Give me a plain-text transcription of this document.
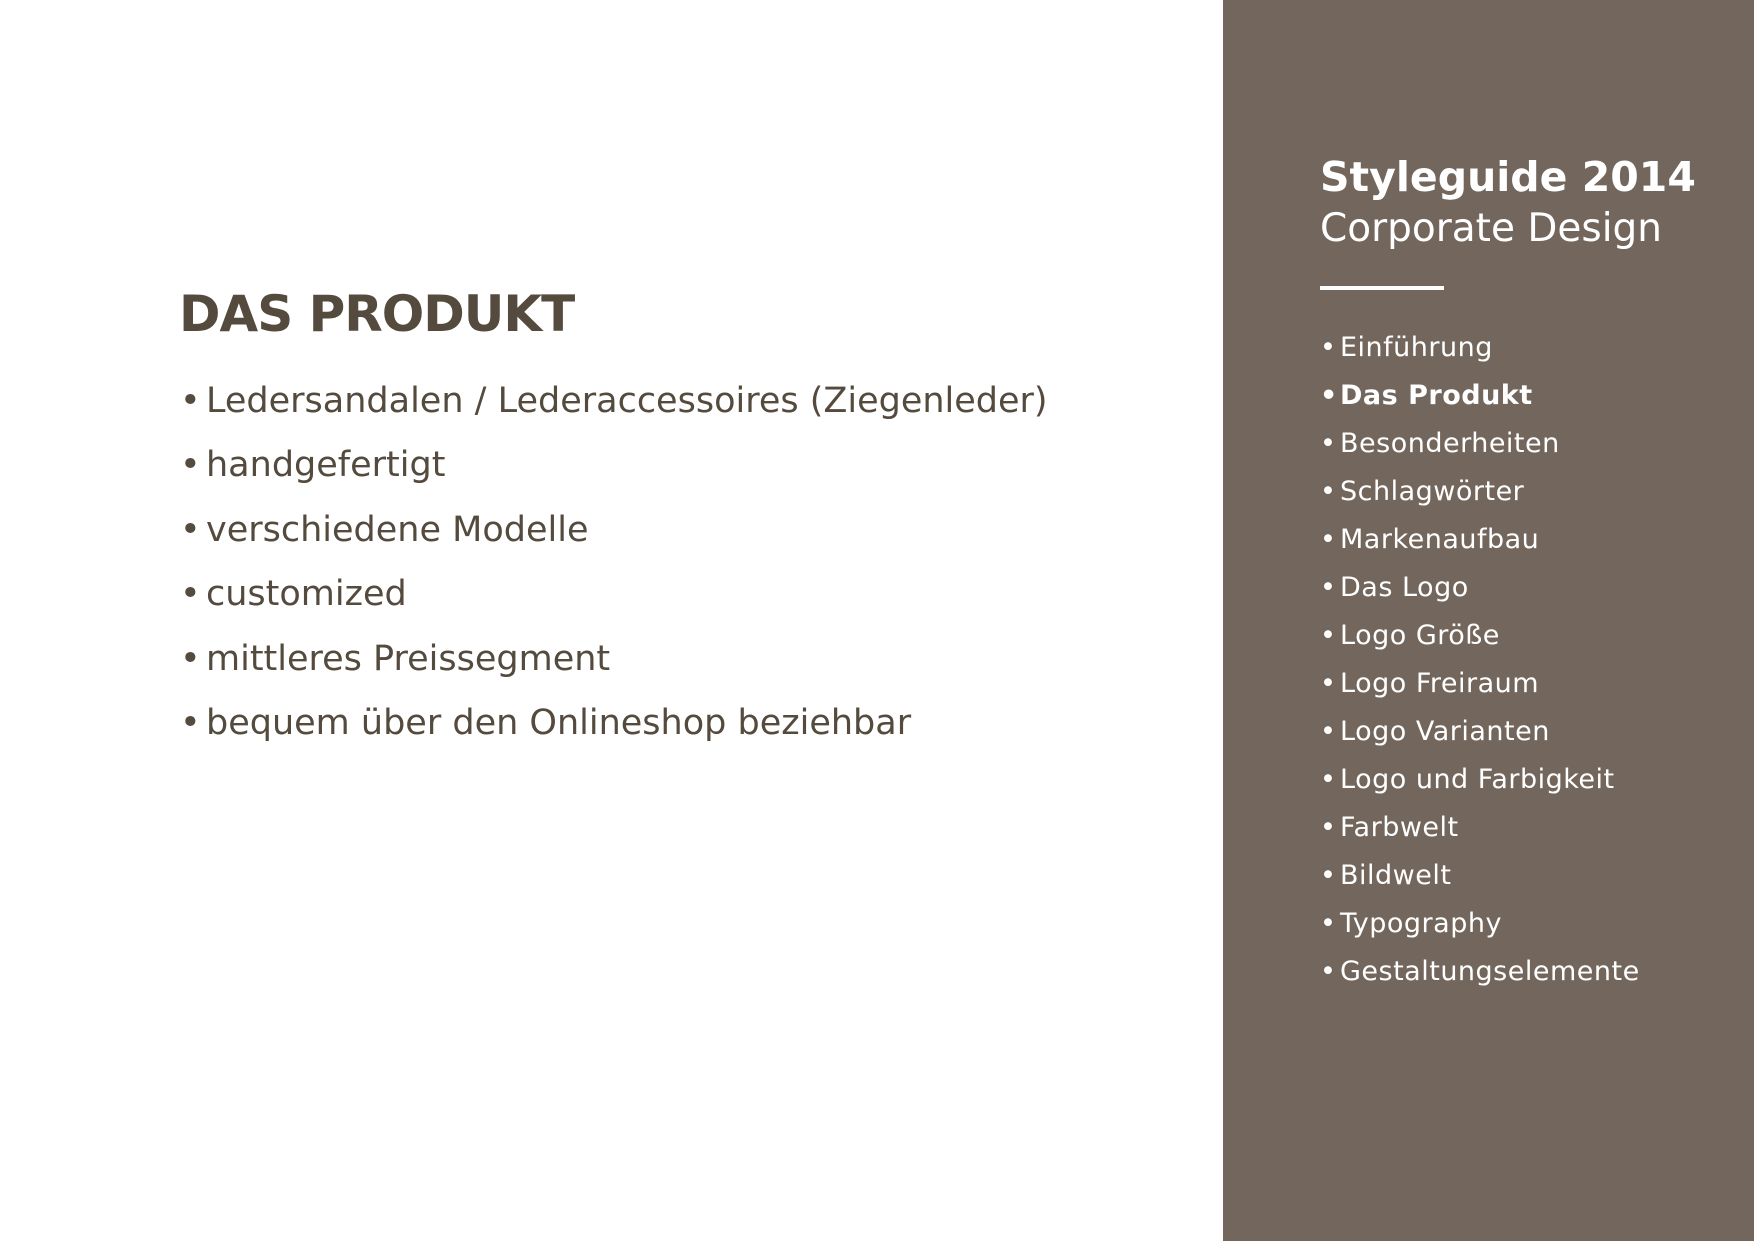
DAS PRODUKT
• Ledersandalen / Lederaccessoires (Ziegenleder)
• handgefertigt
• verschiedene Modelle
• customized
• mittleres Preissegment
• bequem über den Onlineshop beziehbar
Styleguide 2014

Corporate Design

• Einführung
•Das Produkt
• Besonderheiten
• Schlagwörter
• Markenaufbau
• Das Logo
• Logo Größe
• Logo Freiraum
• Logo Varianten
• Logo und Farbigkeit
• Farbwelt
• Bildwelt
• Typography
• Gestaltungselemente
